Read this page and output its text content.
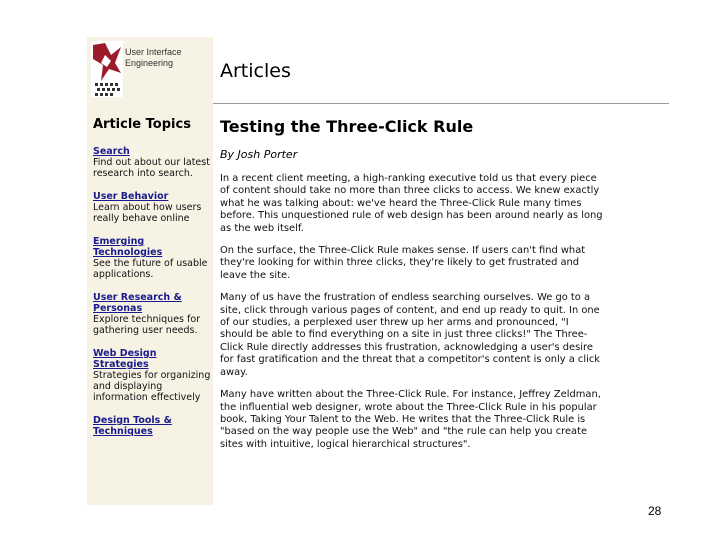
User Interface
Engineering
Article Topics
Search
Find out about our latest research into search.
User Behavior
Learn about how users really behave online
Emerging Technologies
See the future of usable applications.
User Research & Personas
Explore techniques for gathering user needs.
Web Design Strategies
Strategies for organizing and displaying information effectively
Design Tools & Techniques
Articles
Testing the Three-Click Rule
By Josh Porter

In a recent client meeting, a high-ranking executive told us that every piece of content should take no more than three clicks to access. We knew exactly what he was talking about: we've heard the Three-Click Rule many times before. This unquestioned rule of web design has been around nearly as long as the web itself.

On the surface, the Three-Click Rule makes sense. If users can't find what they're looking for within three clicks, they're likely to get frustrated and leave the site.

Many of us have the frustration of endless searching ourselves. We go to a site, click through various pages of content, and end up ready to quit. In one of our studies, a perplexed user threw up her arms and pronounced, "I should be able to find everything on a site in just three clicks!" The Three-Click Rule directly addresses this frustration, acknowledging a user's desire for fast gratification and the threat that a competitor's content is only a click away.

Many have written about the Three-Click Rule. For instance, Jeffrey Zeldman, the influential web designer, wrote about the Three-Click Rule in his popular book, Taking Your Talent to the Web. He writes that the Three-Click Rule is "based on the way people use the Web" and "the rule can help you create sites with intuitive, logical hierarchical structures".

28
